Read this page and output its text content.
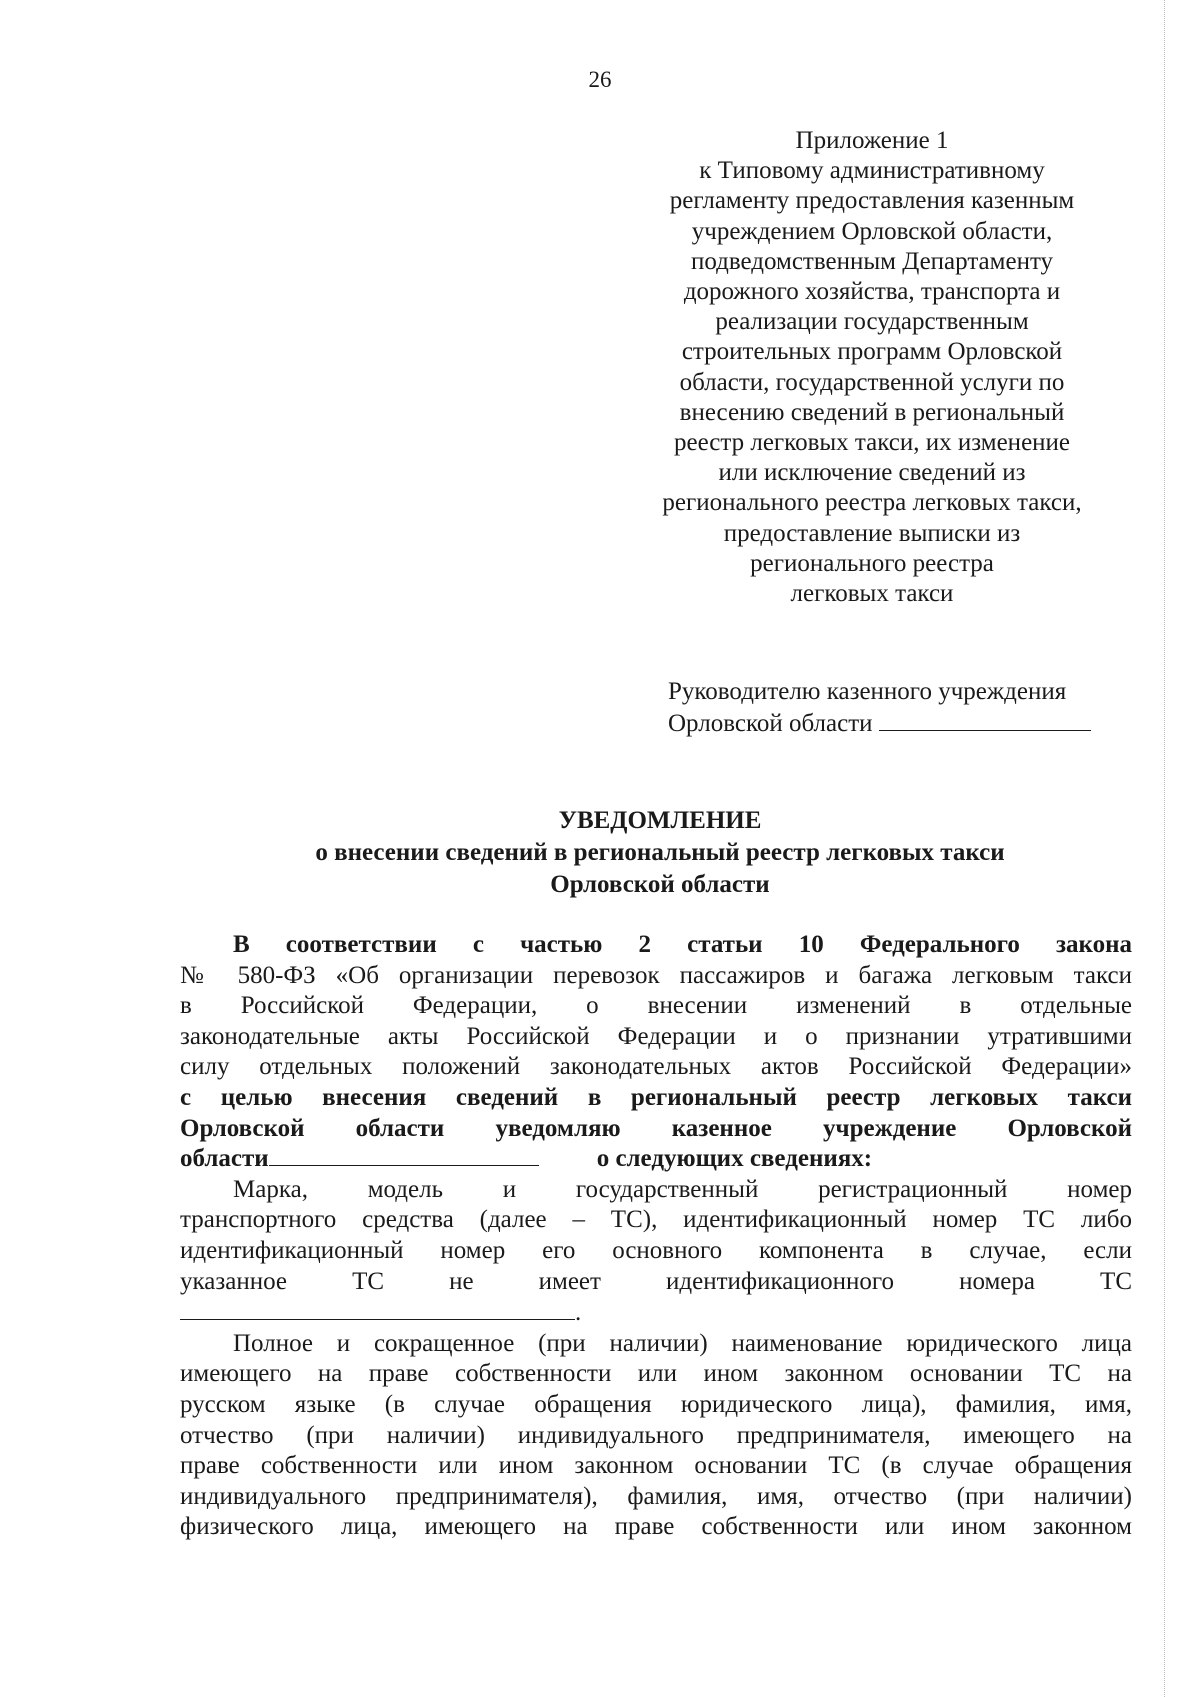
26
Приложение 1
к Типовому административному
регламенту предоставления казенным
учреждением Орловской области,
подведомственным Департаменту
дорожного хозяйства, транспорта и
реализации государственным
строительных программ Орловской
области, государственной услуги по
внесению сведений в региональный
реестр легковых такси, их изменение
или исключение сведений из
регионального реестра легковых такси,
предоставление выписки из
регионального реестра
легковых такси
Руководителю казенного учреждения
Орловской области
УВЕДОМЛЕНИЕ
о внесении сведений в региональный реестр легковых такси
Орловской области
В соответствии с частью 2 статьи 10 Федерального закона
№ 580-ФЗ «Об организации перевозок пассажиров и багажа легковым такси
в Российской Федерации, о внесении изменений в отдельные
законодательные акты Российской Федерации и о признании утратившими
силу отдельных положений законодательных актов Российской Федерации»
с целью внесения сведений в региональный реестр легковых такси
Орловской области уведомляю казенное учреждение Орловской
области	о следующих сведениях:
Марка, модель и государственный регистрационный номер
транспортного средства (далее – ТС), идентификационный номер ТС либо
идентификационный номер его основного компонента в случае, если
указанное ТС не имеет идентификационного номера ТС
.
Полное и сокращенное (при наличии) наименование юридического лица
имеющего на праве собственности или ином законном основании ТС на
русском языке (в случае обращения юридического лица), фамилия, имя,
отчество (при наличии) индивидуального предпринимателя, имеющего на
праве собственности или ином законном основании ТС (в случае обращения
индивидуального предпринимателя), фамилия, имя, отчество (при наличии)
физического лица, имеющего на праве собственности или ином законном
